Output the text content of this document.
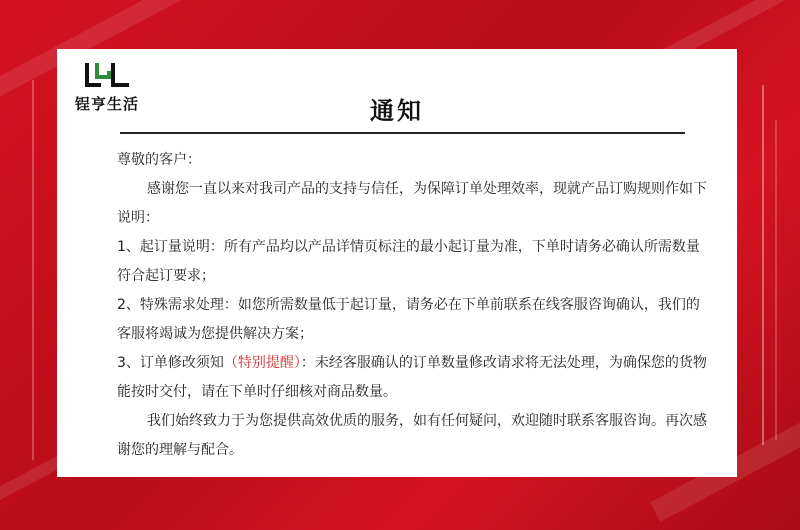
锃亨生活	通知

尊敬的客户：

感谢您一直以来对我司产品的支持与信任，为保障订单处理效率，现就产品订购规则作如下说明：

1、起订量说明：所有产品均以产品详情页标注的最小起订量为准，下单时请务必确认所需数量符合起订要求；

2、特殊需求处理：如您所需数量低于起订量，请务必在下单前联系在线客服咨询确认，我们的客服将竭诚为您提供解决方案；

3、订单修改须知（特别提醒）：未经客服确认的订单数量修改请求将无法处理，为确保您的货物能按时交付，请在下单时仔细核对商品数量。

我们始终致力于为您提供高效优质的服务，如有任何疑问，欢迎随时联系客服咨询。再次感谢您的理解与配合。
